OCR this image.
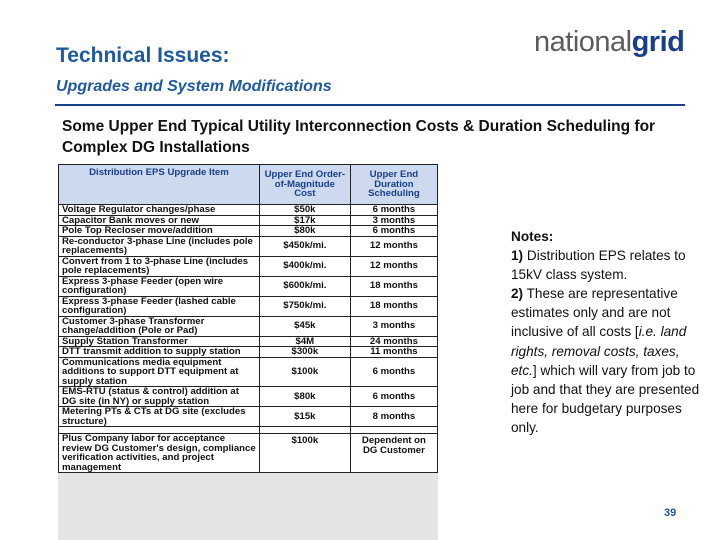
Technical Issues:
Upgrades and System Modifications
nationalgrid

Some Upper End Typical Utility Interconnection Costs & Duration Scheduling for Complex DG Installations

Distribution EPS Upgrade Item	Upper End Order-of-Magnitude Cost	Upper End Duration Scheduling
Voltage Regulator changes/phase	$50k	6 months
Capacitor Bank moves or new	$17k	3 months
Pole Top Recloser move/addition	$80k	6 months
Re-conductor 3-phase Line (includes pole replacements)	$450k/mi.	12 months
Convert from 1 to 3-phase Line (includes pole replacements)	$400k/mi.	12 months
Express 3-phase Feeder (open wire configuration)	$600k/mi.	18 months
Express 3-phase Feeder (lashed cable configuration)	$750k/mi.	18 months
Customer 3-phase Transformer change/addition (Pole or Pad)	$45k	3 months
Supply Station Transformer	$4M	24 months
DTT transmit addition to supply station	$300k	11 months
Communications media equipment additions to support DTT equipment at supply station	$100k	6 months
EMS-RTU (status & control) addition at DG site (in NY) or supply station	$80k	6 months
Metering PTs & CTs at DG site (excludes structure)	$15k	8 months

Plus Company labor for acceptance review DG Customer's design, compliance verification activities, and project management	$100k	Dependent on DG Customer
Notes:
1) Distribution EPS relates to 15kV class system.
2) These are representative estimates only and are not inclusive of all costs [i.e. land rights, removal costs, taxes, etc.] which will vary from job to job and that they are presented here for budgetary purposes only.
39
